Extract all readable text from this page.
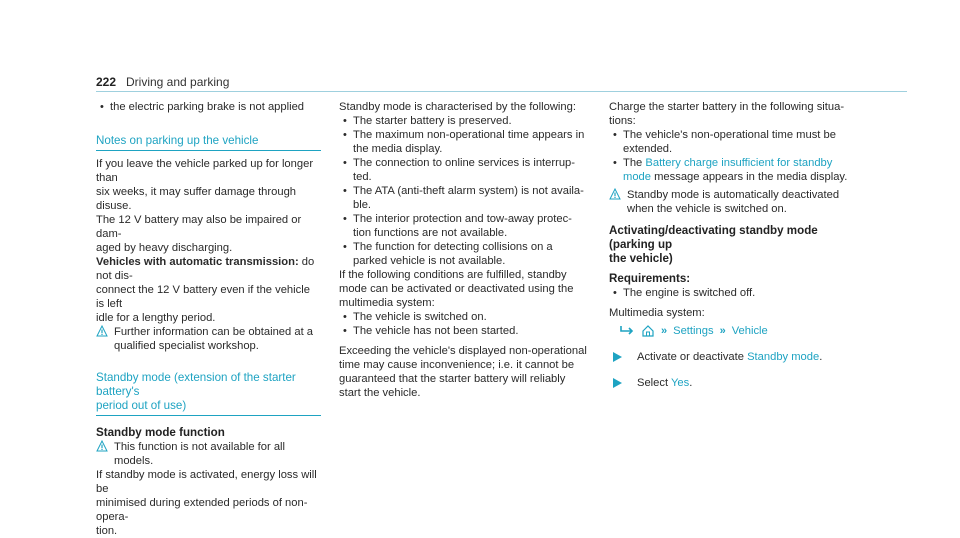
222 Driving and parking

• the electric parking brake is not applied

Notes on parking up the vehicle

If you leave the vehicle parked up for longer than
six weeks, it may suffer damage through disuse.

The 12 V battery may also be impaired or dam-
aged by heavy discharging.

Vehicles with automatic transmission: do not dis-
connect the 12 V battery even if the vehicle is left
idle for a lengthy period.

Further information can be obtained at a
qualified specialist workshop.

Standby mode (extension of the starter battery's
period out of use)

Standby mode function

This function is not available for all models.

If standby mode is activated, energy loss will be
minimised during extended periods of non-opera-
tion.

Standby mode is characterised by the following:

• The starter battery is preserved.

• The maximum non-operational time appears in
the media display.

• The connection to online services is interrup-
ted.

• The ATA (anti-theft alarm system) is not availa-
ble.

• The interior protection and tow-away protec-
tion functions are not available.

• The function for detecting collisions on a
parked vehicle is not available.

If the following conditions are fulfilled, standby
mode can be activated or deactivated using the
multimedia system:

• The vehicle is switched on.

• The vehicle has not been started.

Exceeding the vehicle's displayed non-operational
time may cause inconvenience; i.e. it cannot be
guaranteed that the starter battery will reliably
start the vehicle.

Charge the starter battery in the following situa-
tions:

• The vehicle's non-operational time must be
extended.

• The Battery charge insufficient for standby
mode message appears in the media display.

Standby mode is automatically deactivated
when the vehicle is switched on.

Activating/deactivating standby mode (parking up
the vehicle)

Requirements:

• The engine is switched off.

Multimedia system:

» Settings » Vehicle

Activate or deactivate Standby mode.

Select Yes.
